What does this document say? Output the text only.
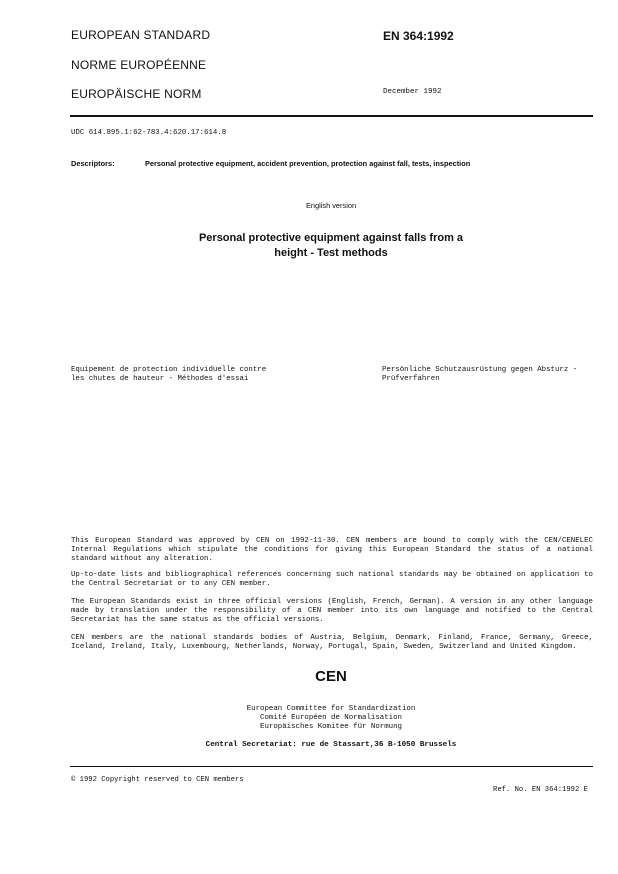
EUROPEAN STANDARD
NORME EUROPÉENNE
EUROPÄISCHE NORM
EN 364:1992
December 1992
UDC 614.895.1:62-783.4:620.17:614.8
Descriptors:	Personal protective equipment, accident prevention, protection against fall, tests, inspection
English version
Personal protective equipment against falls from a
height - Test methods
Equipement de protection individuelle contre
les chutes de hauteur - Méthodes d'essai
Persönliche Schutzausrüstung gegen Absturz -
Prüfverfahren

This European Standard was approved by CEN on 1992-11-30. CEN members are bound to comply with the CEN/CENELEC Internal Regulations which stipulate the conditions for giving this European Standard the status of a national standard without any alteration.

Up-to-date lists and bibliographical references concerning such national standards may be obtained on application to the Central Secretariat or to any CEN member.

The European Standards exist in three official versions (English, French, German). A version in any other language made by translation under the responsibility of a CEN member into its own language and notified to the Central Secretariat has the same status as the official versions.

CEN members are the national standards bodies of Austria, Belgium, Denmark, Finland, France, Germany, Greece, Iceland, Ireland, Italy, Luxembourg, Netherlands, Norway, Portugal, Spain, Sweden, Switzerland and United Kingdom.

CEN
European Committee for Standardization
Comité Européen de Normalisation
Europäisches Komitee für Normung
Central Secretariat: rue de Stassart,36 B-1050 Brussels
© 1992 Copyright reserved to CEN members
Ref. No. EN 364:1992 E
